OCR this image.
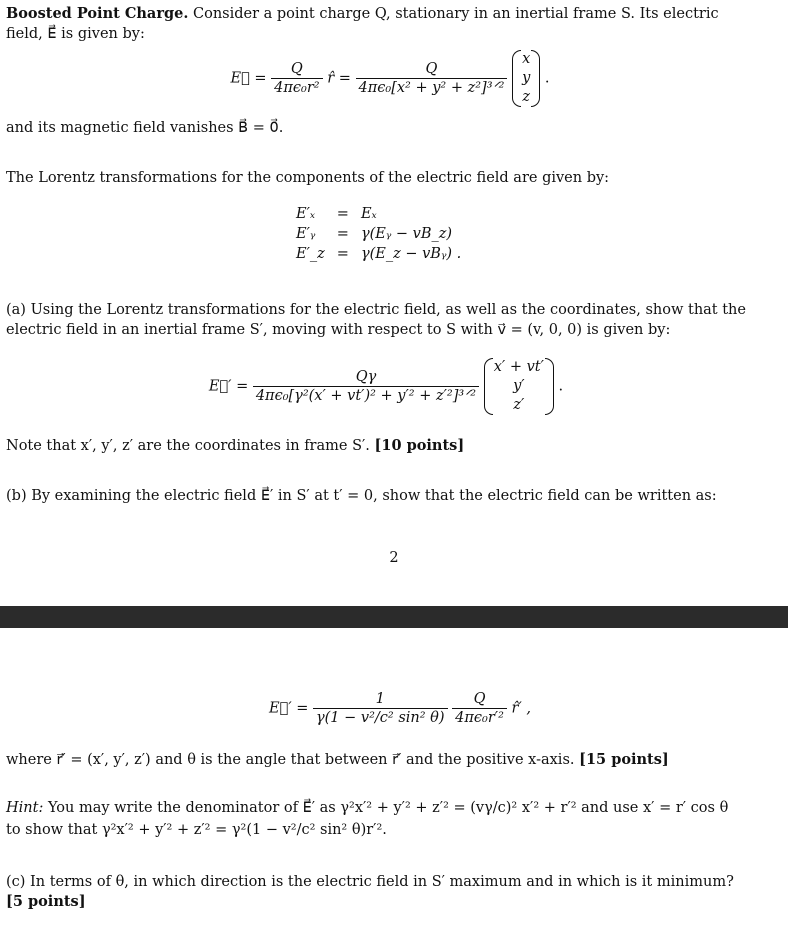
Boosted Point Charge. Consider a point charge Q, stationary in an inertial frame S. Its electric
field, E⃗ is given by:
E⃗ = $\frac{Q}{\text{4πϵ₀r²}}$ r̂ = $\frac{Q}{\text{4πϵ₀[x² + y² + z²]³ᐟ²}}$

x
y
z
.
and its magnetic field vanishes B⃗ = 0⃗.
The Lorentz transformations for the components of the electric field are given by:
E′ₓ	=	Eₓ
E′ᵧ	=	γ(Eᵧ − vB_z)
E′_z	=	γ(E_z − vBᵧ) .
(a) Using the Lorentz transformations for the electric field, as well as the coordinates, show that the
electric field in an inertial frame S′, moving with respect to S with v⃗ = (v, 0, 0) is given by:
E⃗′ = $\frac{Q\gamma}{\text{4πϵ₀[γ²(x′ + vt′)² + y′² + z′²]³ᐟ²}}$

x′ + vt′
y′
z′
.
Note that x′, y′, z′ are the coordinates in frame S′. [10 points]
(b) By examining the electric field E⃗′ in S′ at t′ = 0, show that the electric field can be written as:
2
E⃗′ = $\frac{1}{\text{γ(1 − v²/c² sin² θ)}}$
$\frac{Q}{\text{4πϵ₀r′²}}$ r̂′ ,
where r⃗′ = (x′, y′, z′) and θ is the angle that between r⃗′ and the positive x-axis. [15 points]
Hint: You may write the denominator of E⃗′ as γ²x′² + y′² + z′² = (vγ/c)² x′² + r′² and use x′ = r′ cos θ
to show that γ²x′² + y′² + z′² = γ²(1 − v²/c² sin² θ)r′².
(c) In terms of θ, in which direction is the electric field in S′ maximum and in which is it minimum?
[5 points]
